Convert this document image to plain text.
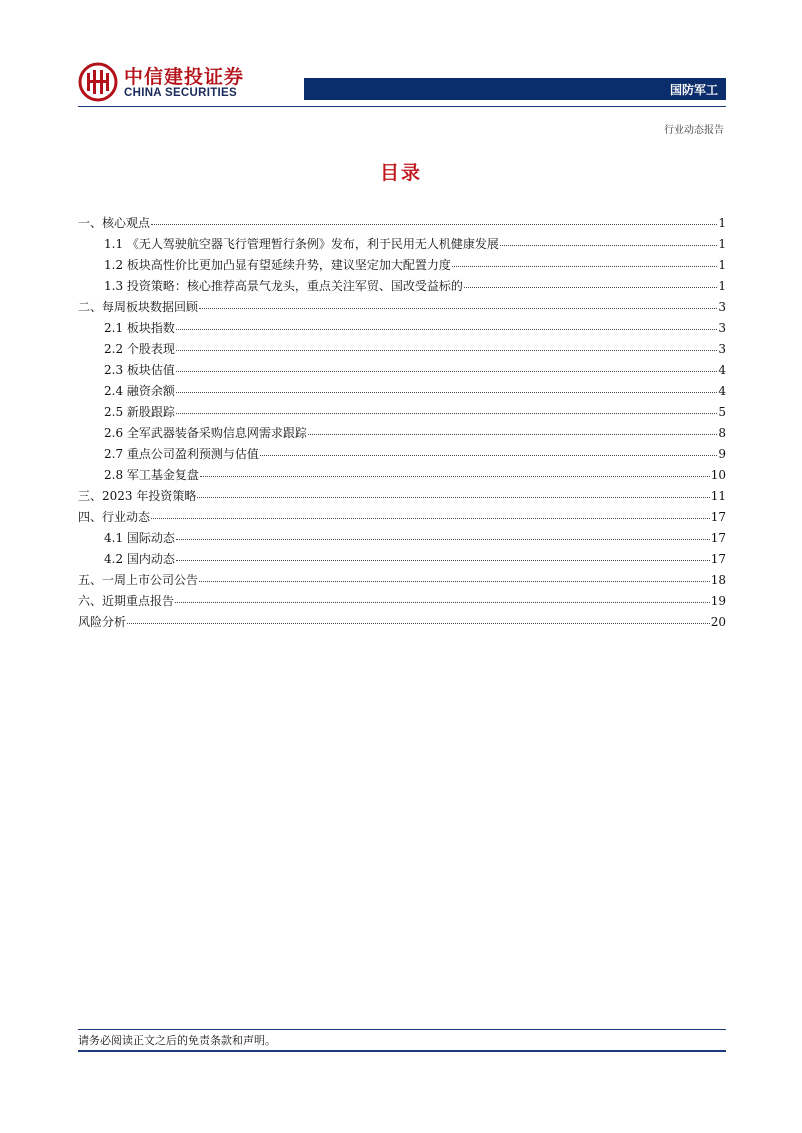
中信建投证券
CHINA SECURITIES	国防军工
行业动态报告
目录
一、核心观点	1
1.1 《无人驾驶航空器飞行管理暂行条例》发布，利于民用无人机健康发展	1
1.2 板块高性价比更加凸显有望延续升势，建议坚定加大配置力度	1
1.3 投资策略：核心推荐高景气龙头，重点关注军贸、国改受益标的	1
二、每周板块数据回顾	3
2.1 板块指数	3
2.2 个股表现	3
2.3 板块估值	4
2.4 融资余额	4
2.5 新股跟踪	5
2.6 全军武器装备采购信息网需求跟踪	8
2.7 重点公司盈利预测与估值	9
2.8 军工基金复盘	10
三、2023 年投资策略	11
四、行业动态	17
4.1 国际动态	17
4.2 国内动态	17
五、一周上市公司公告	18
六、近期重点报告	19
风险分析	20
请务必阅读正文之后的免责条款和声明。
